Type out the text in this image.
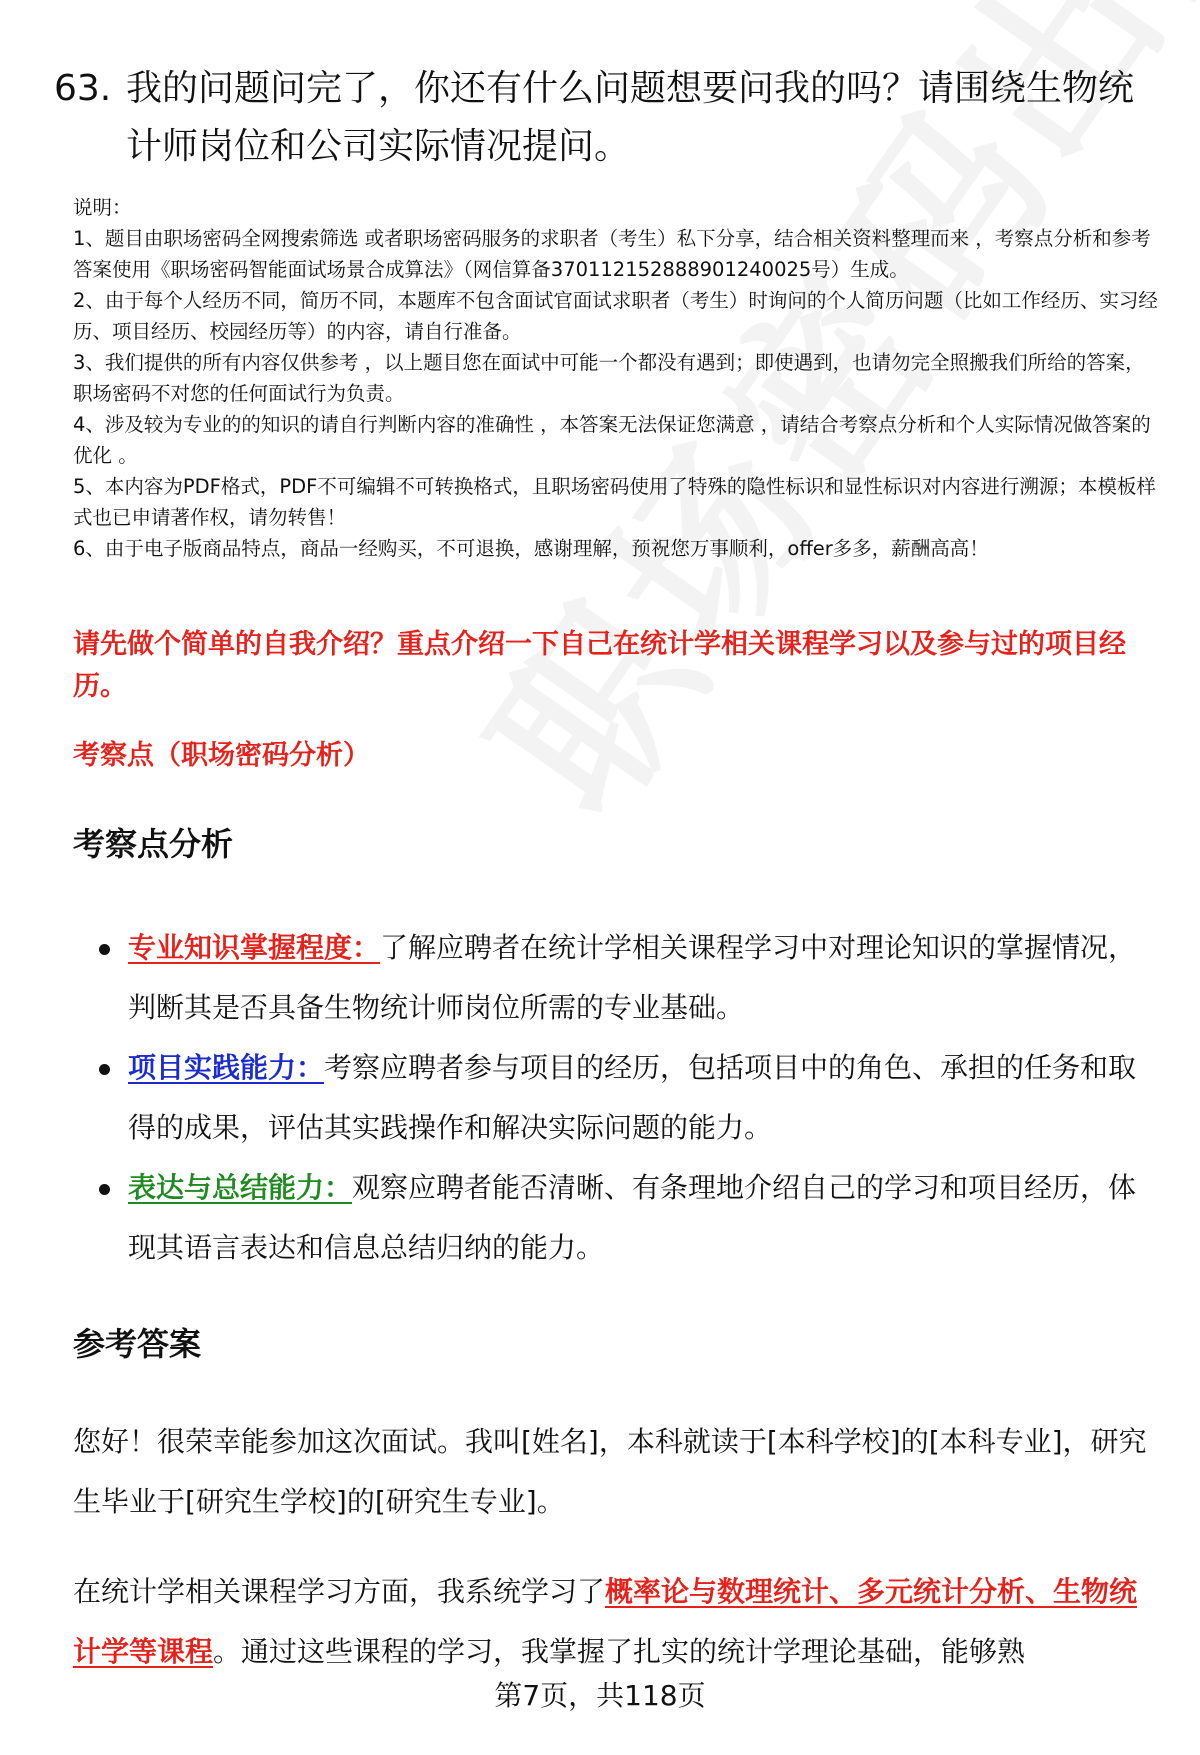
63. 我的问题问完了，你还有什么问题想要问我的吗？请围绕生物统计师岗位和公司实际情况提问。
说明：
1、题目由职场密码全网搜索筛选 或者职场密码服务的求职者（考生）私下分享，结合相关资料整理而来 ，考察点分析和参考答案使用《职场密码智能面试场景合成算法》（网信算备370112152888901240025号）生成。
2、由于每个人经历不同，简历不同，本题库不包含面试官面试求职者（考生）时询问的个人简历问题（比如工作经历、实习经历、项目经历、校园经历等）的内容，请自行准备。
3、我们提供的所有内容仅供参考 ，以上题目您在面试中可能一个都没有遇到；即使遇到，也请勿完全照搬我们所给的答案，职场密码不对您的任何面试行为负责。
4、涉及较为专业的的知识的请自行判断内容的准确性 ，本答案无法保证您满意 ，请结合考察点分析和个人实际情况做答案的优化 。
5、本内容为PDF格式，PDF不可编辑不可转换格式，且职场密码使用了特殊的隐性标识和显性标识对内容进行溯源；本模板样式也已申请著作权，请勿转售！
6、由于电子版商品特点，商品一经购买，不可退换，感谢理解，预祝您万事顺利，offer多多，薪酬高高！
请先做个简单的自我介绍？重点介绍一下自己在统计学相关课程学习以及参与过的项目经历。
考察点（职场密码分析）
考察点分析
专业知识掌握程度：了解应聘者在统计学相关课程学习中对理论知识的掌握情况，判断其是否具备生物统计师岗位所需的专业基础。
项目实践能力：考察应聘者参与项目的经历，包括项目中的角色、承担的任务和取得的成果，评估其实践操作和解决实际问题的能力。
表达与总结能力：观察应聘者能否清晰、有条理地介绍自己的学习和项目经历，体现其语言表达和信息总结归纳的能力。
参考答案
您好！很荣幸能参加这次面试。我叫[姓名]，本科就读于[本科学校]的[本科专业]，研究生毕业于[研究生学校]的[研究生专业]。
在统计学相关课程学习方面，我系统学习了概率论与数理统计、多元统计分析、生物统计学等课程。通过这些课程的学习，我掌握了扎实的统计学理论基础，能够熟
第7页，共118页
